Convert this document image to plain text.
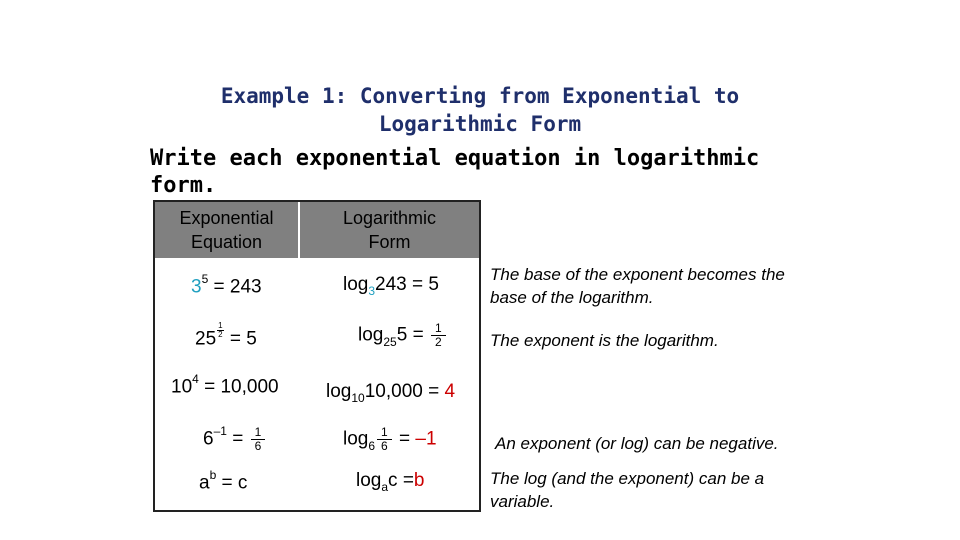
Example 1: Converting from Exponential to
Logarithmic Form
Write each exponential equation in logarithmic form.
Exponential
Equation
Logarithmic
Form
$3^5 = 243$	$\log_3243 = 5$
$25 \frac{1}{2} = 5$	$\log_{25}5 = \frac{1}{2}$
$10^4 = 10,000$ $\log_{10}10,000 = 4$
$6^{-1} = \frac{1}{6}$	$\log_6 \frac{1}{6} = -1$
$a^b = c$	$\log_ac =b$
The base of the exponent becomes the base of the logarithm.
The exponent is the logarithm.
An exponent (or log) can be negative.
The log (and the exponent) can be a variable.
